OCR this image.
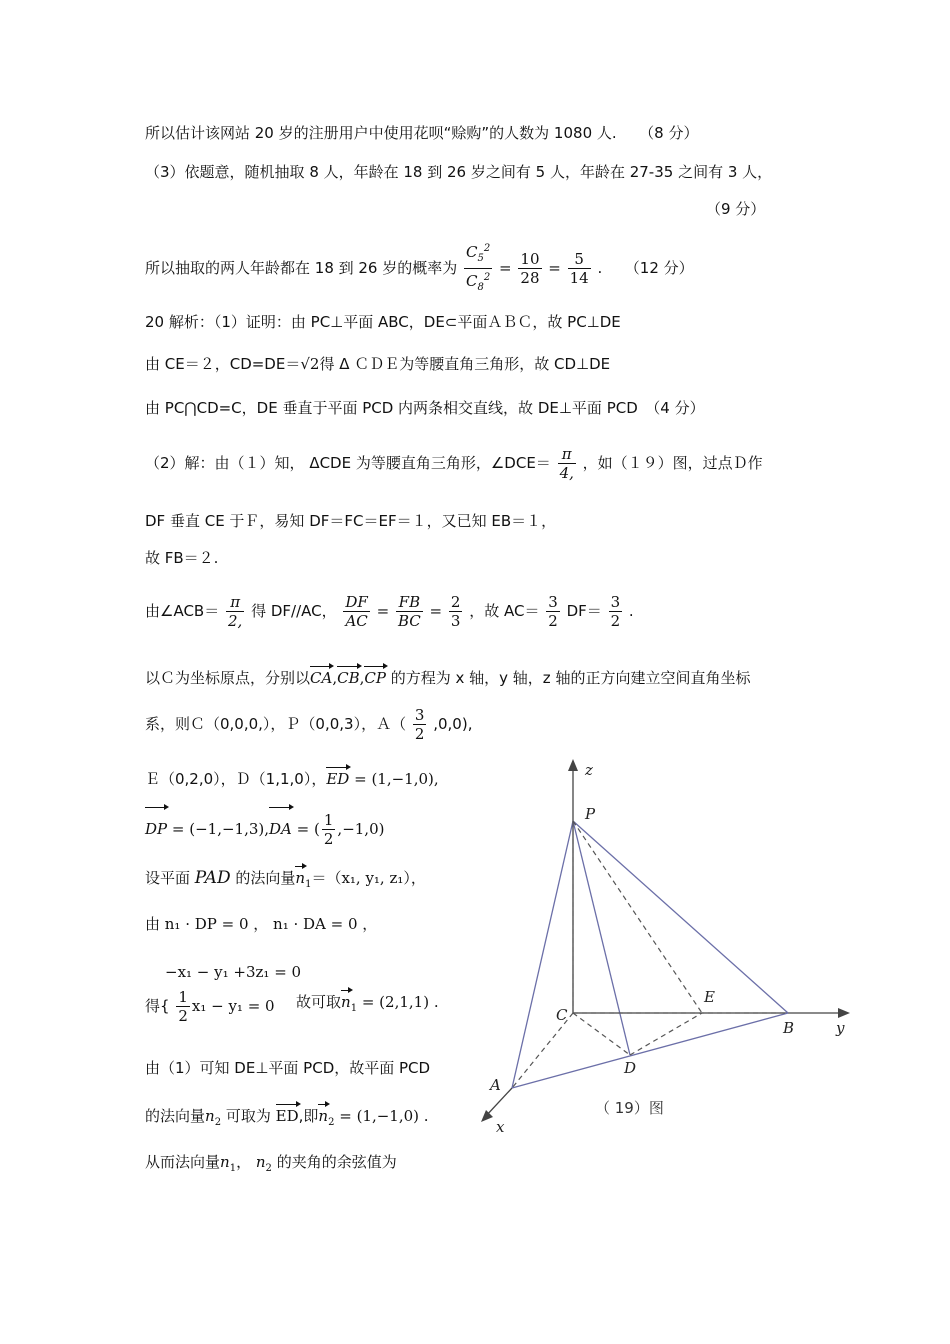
所以估计该网站 20 岁的注册用户中使用花呗“赊购”的人数为 1080 人.　　（8 分）
（3）依题意，随机抽取 8 人，年龄在 18 到 26 岁之间有 5 人，年龄在 27-35 之间有 3 人，
（9 分）
所以抽取的两人年龄都在 18 到 26 岁的概率为 $\frac{C_5^2}{C_8^2} = \frac{10}{28} = \frac{5}{14}$ .　　（12 分）
20 解析：（1）证明：由 PC⊥平面 ABC，DE⊂平面ＡＢＣ，故 PC⊥DE
由 CE＝２，CD=DE＝√2得 Δ ＣＤＥ为等腰直角三角形，故 CD⊥DE
由 PC⋂CD=C，DE 垂直于平面 PCD 内两条相交直线，故 DE⊥平面 PCD　（4 分）
（2）解：由（１）知， ΔCDE 为等腰直角三角形，∠DCE＝ $\frac{\pi}{4,}$ ，如（１９）图，过点Ｄ作
DF 垂直 CE 于Ｆ，易知 DF＝FC＝EF＝１，又已知 EB＝１，
故 FB＝２.
由∠ACB＝ $\frac{\pi}{2,}$ 得 DF//AC， $\frac{DF}{AC} = \frac{FB}{BC} = \frac{2}{3}$ ，故 $AC= \frac{3}{2} DF= \frac{3}{2}$ .
以Ｃ为坐标原点，分别以CA,CB,CP 的方程为 x 轴，y 轴，z 轴的正方向建立空间直角坐标
系，则Ｃ（0,0,0,），Ｐ（0,0,3），Ａ（ $\frac{3}{2} ,0,0$),
Ｅ（0,2,0），Ｄ（1,1,0），ED = (1,−1,0),
DP = (−1,−1,3),DA = ( $\frac{1}{2} ,-1,0$)
设平面 PAD 的法向量$n_1=(x_1$, y₁, z₁），
由 n₁ · DP = 0 ， n₁ · DA = 0 ，
−x₁ − y₁ +3z₁ = 0
得{ $\frac{1}{2} x_1 - y_1 = 0$ 故可取$n_1 = (2,1,1)$ .
由（1）可知 DE⊥平面 PCD，故平面 PCD
的法向量$n_2$ 可取为 ED,即$n_2 = (1,-1,0)$ .
从而法向量$n_1$， $n_2$ 的夹角的余弦值为
z
y
x
P
C
E
B
D
A
（ 19）图
